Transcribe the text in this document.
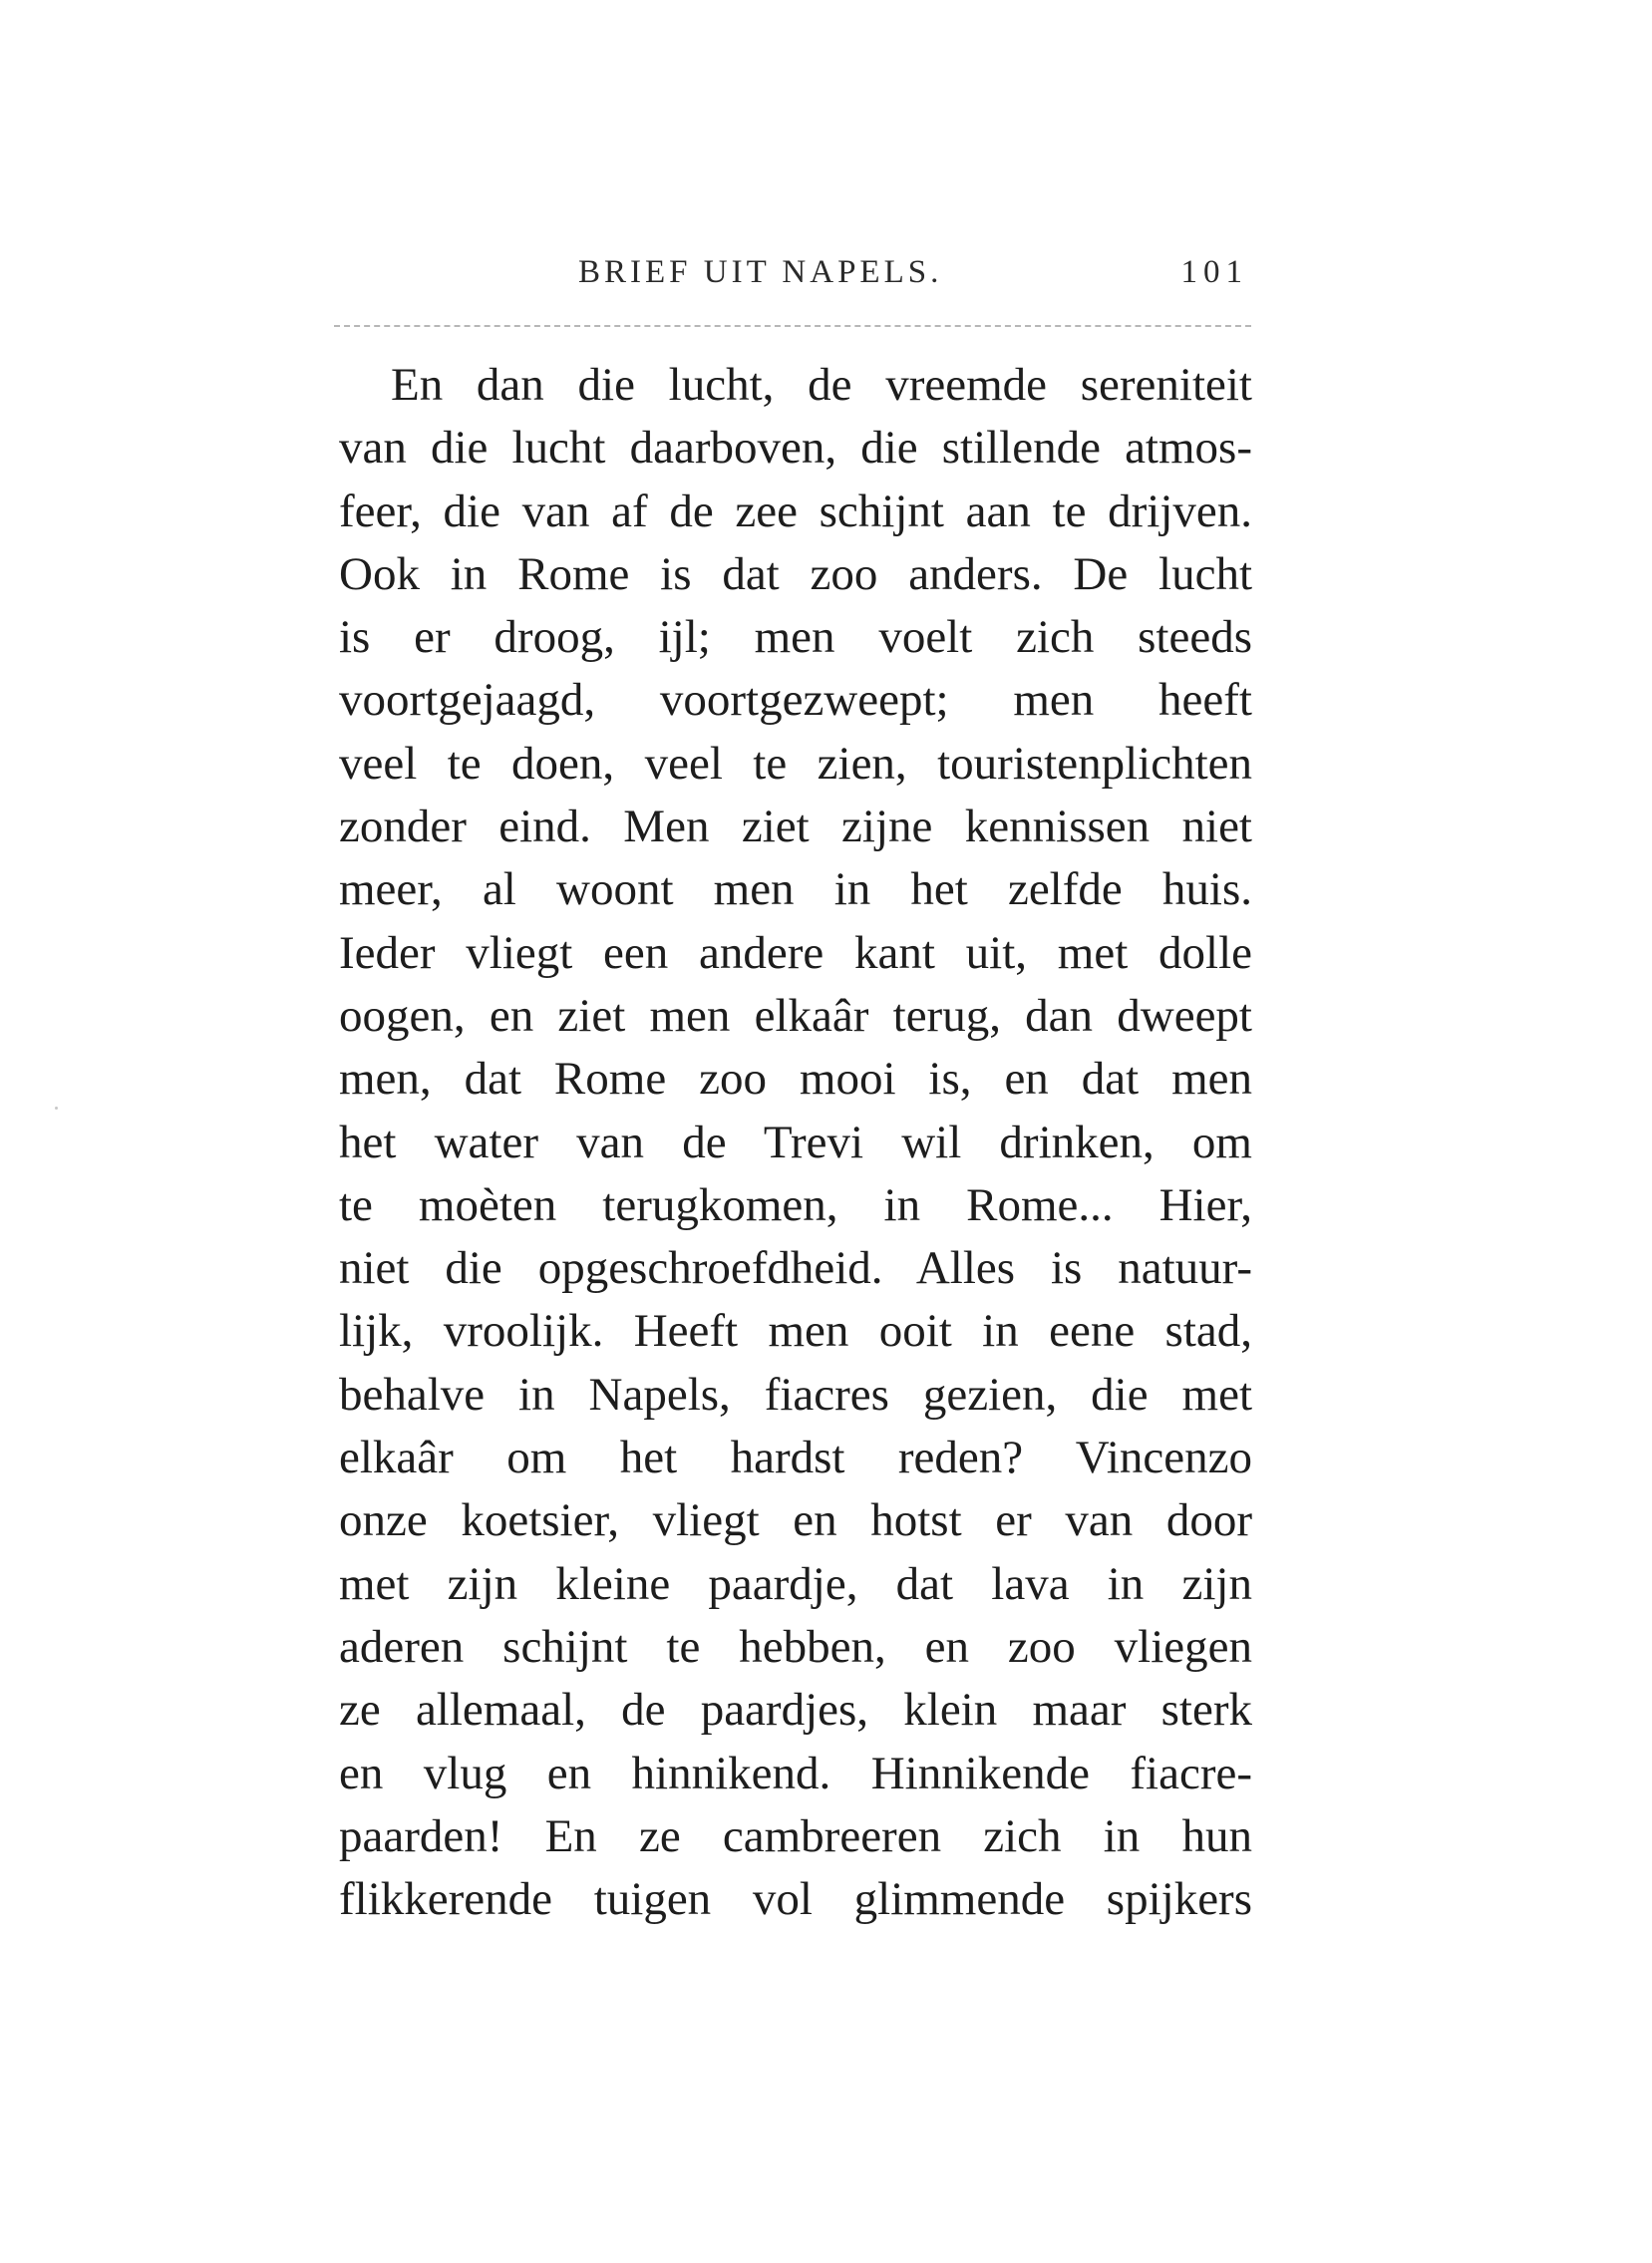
BRIEF UIT NAPELS.	101
En dan die lucht, de vreemde sereniteit
van die lucht daarboven, die stillende atmos-
feer, die van af de zee schijnt aan te drijven.
Ook in Rome is dat zoo anders. De lucht
is er droog, ijl; men voelt zich steeds
voortgejaagd, voortgezweept; men heeft
veel te doen, veel te zien, touristenplichten
zonder eind. Men ziet zijne kennissen niet
meer, al woont men in het zelfde huis.
Ieder vliegt een andere kant uit, met dolle
oogen, en ziet men elkaâr terug, dan dweept
men, dat Rome zoo mooi is, en dat men
het water van de Trevi wil drinken, om
te moèten terugkomen, in Rome... Hier,
niet die opgeschroefdheid. Alles is natuur-
lijk, vroolijk. Heeft men ooit in eene stad,
behalve in Napels, fiacres gezien, die met
elkaâr om het hardst reden? Vincenzo
onze koetsier, vliegt en hotst er van door
met zijn kleine paardje, dat lava in zijn
aderen schijnt te hebben, en zoo vliegen
ze allemaal, de paardjes, klein maar sterk
en vlug en hinnikend. Hinnikende fiacre-
paarden! En ze cambreeren zich in hun
flikkerende tuigen vol glimmende spijkers
